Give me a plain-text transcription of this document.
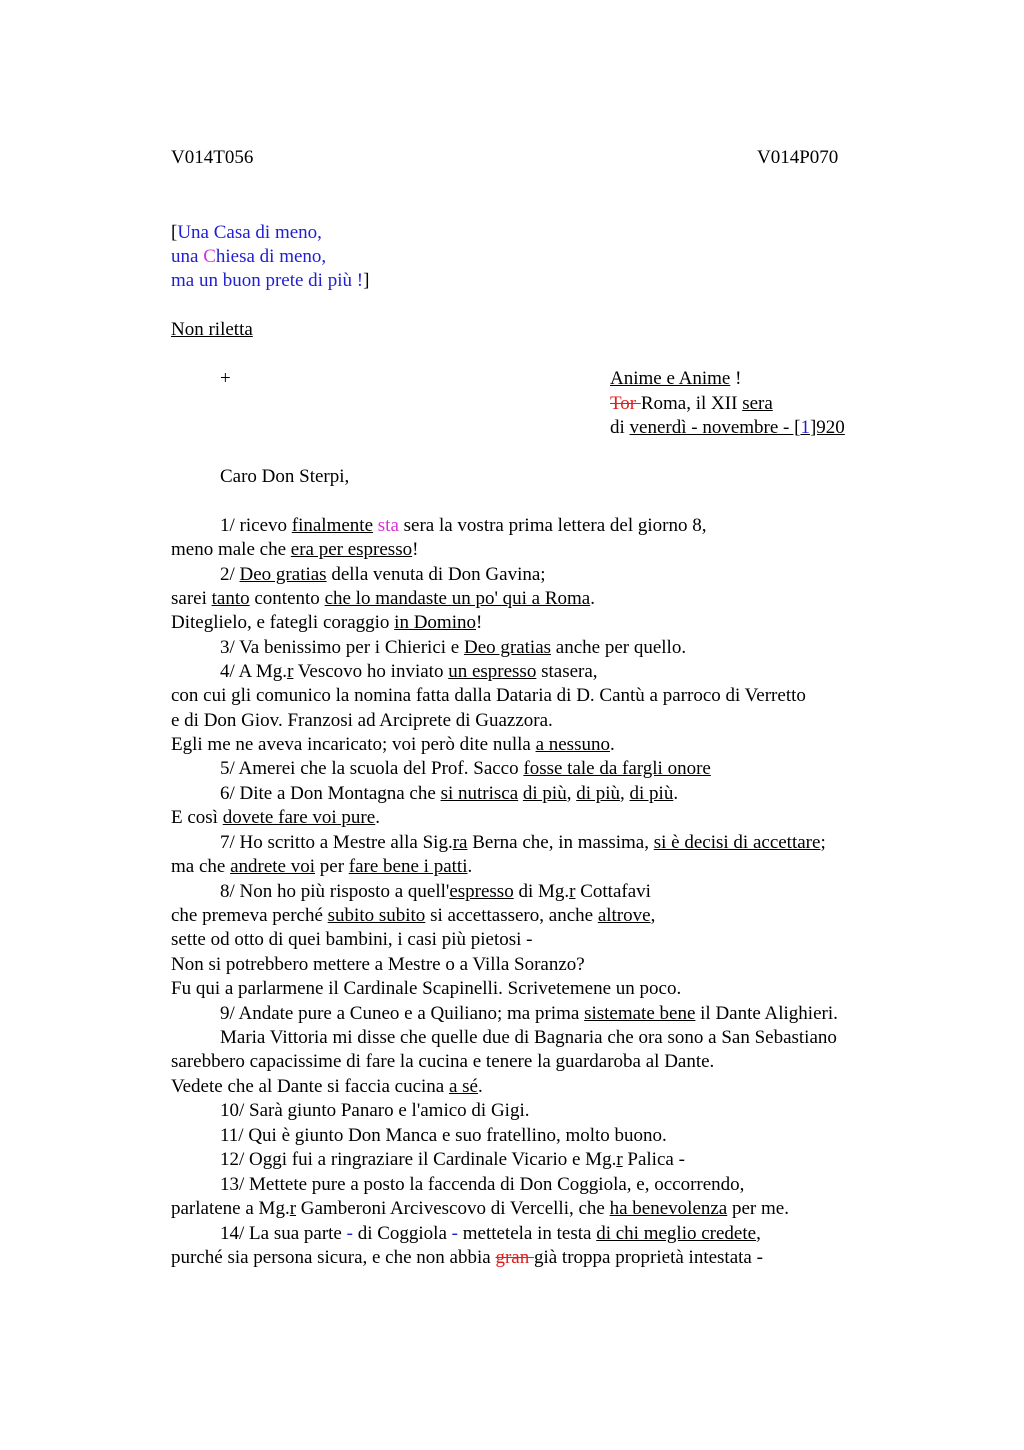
V014T056	V014P070
[Una Casa di meno,
una Chiesa di meno,
ma un buon prete di più !]
Non riletta
+	Anime e Anime !
Tor Roma, il XII sera
di venerdì - novembre - [1]920
Caro Don Sterpi,
1/ ricevo finalmente sta sera la vostra prima lettera del giorno 8,
meno male che era per espresso!
2/ Deo gratias della venuta di Don Gavina;
sarei tanto contento che lo mandaste un po' qui a Roma.
Diteglielo, e fategli coraggio in Domino!
3/ Va benissimo per i Chierici e Deo gratias anche per quello.
4/ A Mg.r Vescovo ho inviato un espresso stasera,
con cui gli comunico la nomina fatta dalla Dataria di D. Cantù a parroco di Verretto
e di Don Giov. Franzosi ad Arciprete di Guazzora.
Egli me ne aveva incaricato; voi però dite nulla a nessuno.
5/ Amerei che la scuola del Prof. Sacco fosse tale da fargli onore
6/ Dite a Don Montagna che si nutrisca di più, di più, di più.
E così dovete fare voi pure.
7/ Ho scritto a Mestre alla Sig.ra Berna che, in massima, si è decisi di accettare;
ma che andrete voi per fare bene i patti.
8/ Non ho più risposto a quell'espresso di Mg.r Cottafavi
che premeva perché subito subito si accettassero, anche altrove,
sette od otto di quei bambini, i casi più pietosi -
Non si potrebbero mettere a Mestre o a Villa Soranzo?
Fu qui a parlarmene il Cardinale Scapinelli. Scrivetemene un poco.
9/ Andate pure a Cuneo e a Quiliano; ma prima sistemate bene il Dante Alighieri.
Maria Vittoria mi disse che quelle due di Bagnaria che ora sono a San Sebastiano
sarebbero capacissime di fare la cucina e tenere la guardaroba al Dante.
Vedete che al Dante si faccia cucina a sé.
10/ Sarà giunto Panaro e l'amico di Gigi.
11/ Qui è giunto Don Manca e suo fratellino, molto buono.
12/ Oggi fui a ringraziare il Cardinale Vicario e Mg.r Palica -
13/ Mettete pure a posto la faccenda di Don Coggiola, e, occorrendo,
parlatene a Mg.r Gamberoni Arcivescovo di Vercelli, che ha benevolenza per me.
14/ La sua parte - di Coggiola - mettetela in testa di chi meglio credete,
purché sia persona sicura, e che non abbia gran già troppa proprietà intestata -
